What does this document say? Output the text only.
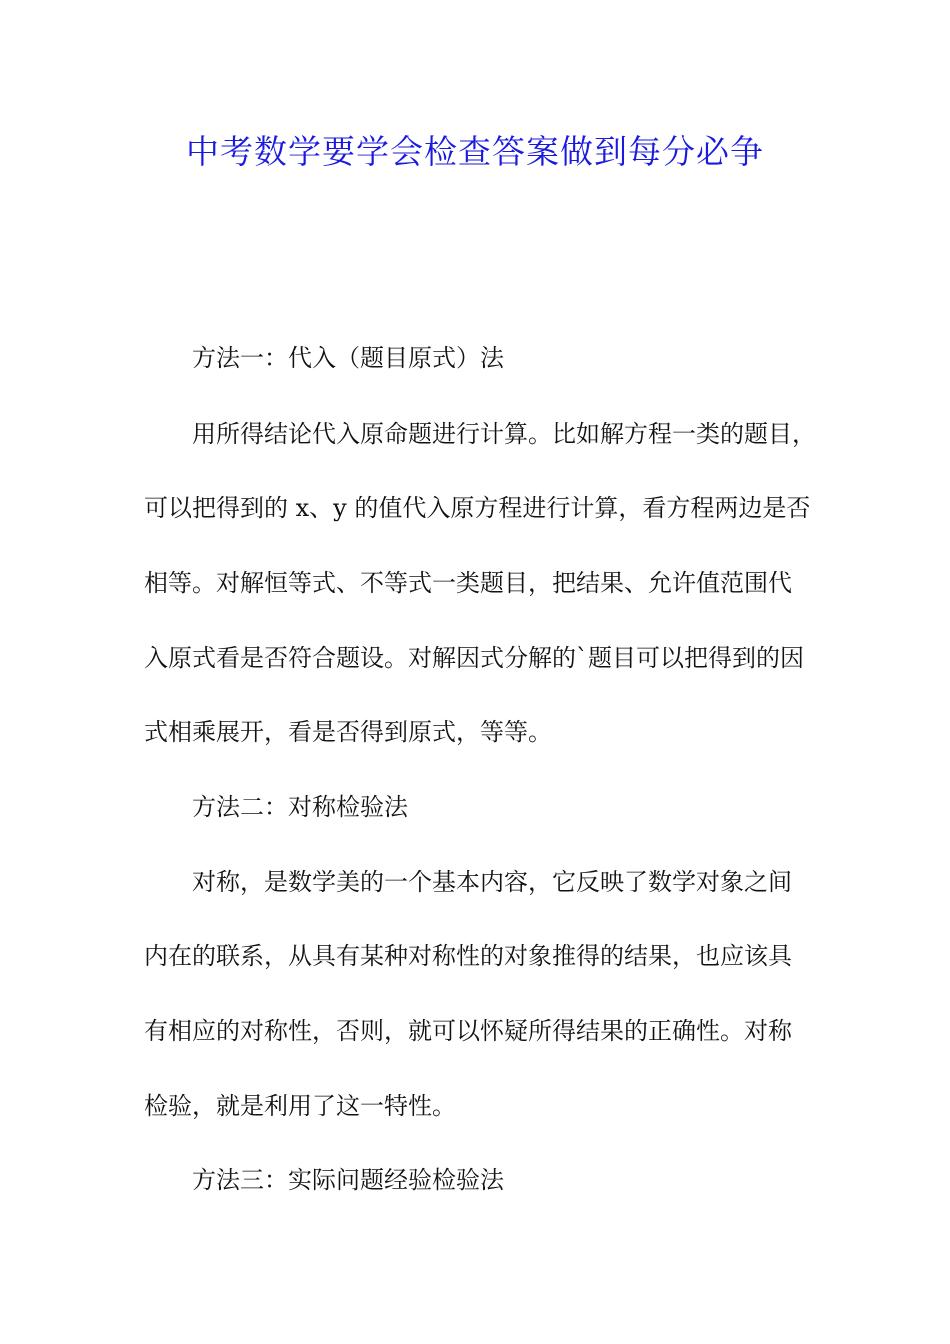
中考数学要学会检查答案做到每分必争
方法一：代入（题目原式）法
用所得结论代入原命题进行计算。比如解方程一类的题目，
可以把得到的 x、y 的值代入原方程进行计算，看方程两边是否
相等。对解恒等式、不等式一类题目，把结果、允许值范围代
入原式看是否符合题设。对解因式分解的`题目可以把得到的因
式相乘展开，看是否得到原式，等等。
方法二：对称检验法
对称，是数学美的一个基本内容，它反映了数学对象之间
内在的联系，从具有某种对称性的对象推得的结果，也应该具
有相应的对称性，否则，就可以怀疑所得结果的正确性。对称
检验，就是利用了这一特性。
方法三：实际问题经验检验法
